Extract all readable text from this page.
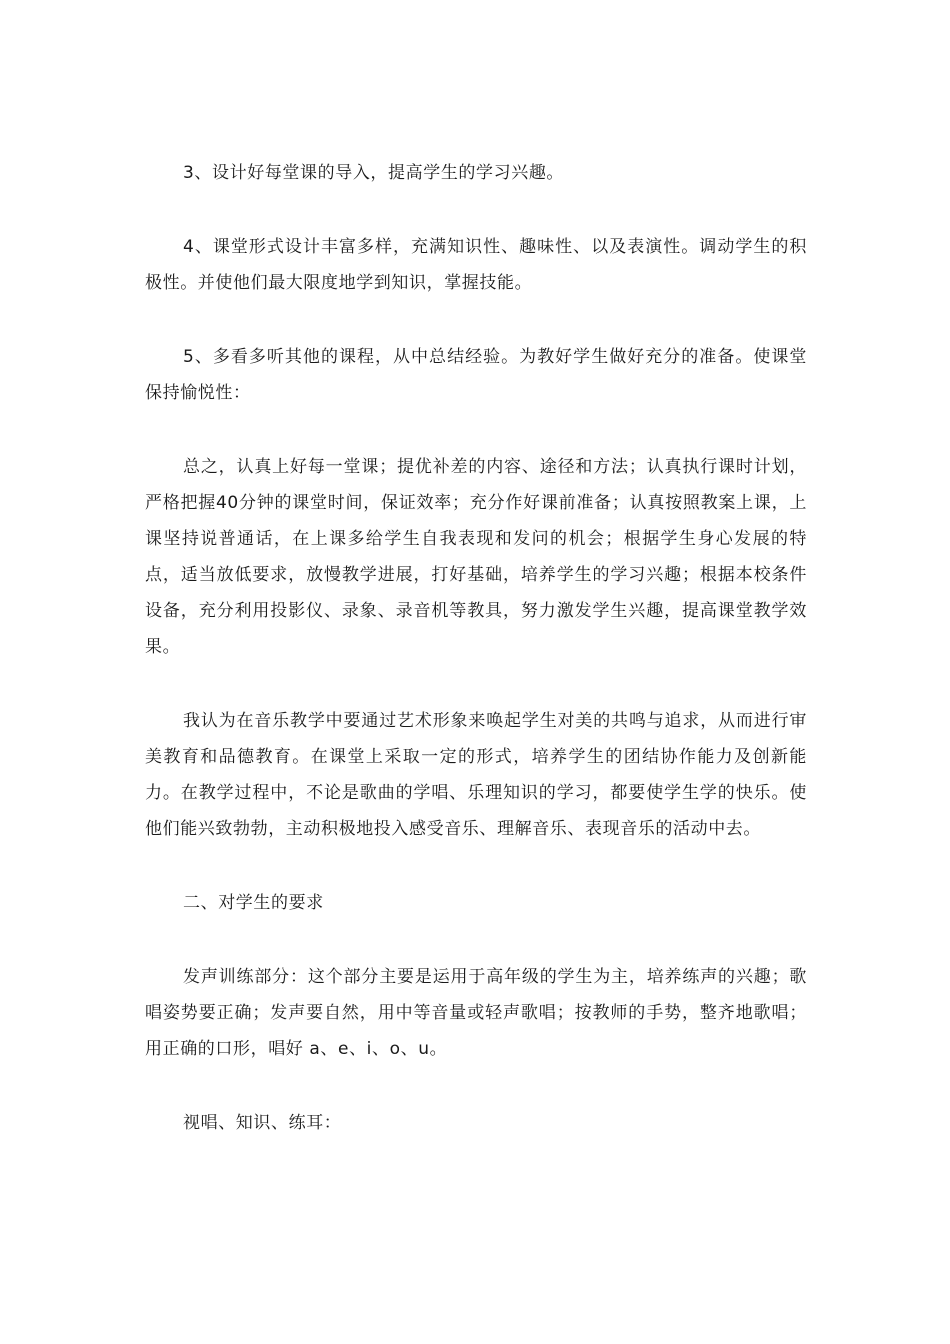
3、设计好每堂课的导入，提高学生的学习兴趣。

4、课堂形式设计丰富多样，充满知识性、趣味性、以及表演性。调动学生的积极性。并使他们最大限度地学到知识，掌握技能。

5、多看多听其他的课程，从中总结经验。为教好学生做好充分的准备。使课堂保持愉悦性：

总之，认真上好每一堂课；提优补差的内容、途径和方法；认真执行课时计划，严格把握40分钟的课堂时间，保证效率；充分作好课前准备；认真按照教案上课，上课坚持说普通话，在上课多给学生自我表现和发问的机会；根据学生身心发展的特点，适当放低要求，放慢教学进展，打好基础，培养学生的学习兴趣；根据本校条件设备，充分利用投影仪、录象、录音机等教具，努力激发学生兴趣，提高课堂教学效果。

我认为在音乐教学中要通过艺术形象来唤起学生对美的共鸣与追求，从而进行审美教育和品德教育。在课堂上采取一定的形式，培养学生的团结协作能力及创新能力。在教学过程中，不论是歌曲的学唱、乐理知识的学习，都要使学生学的快乐。使他们能兴致勃勃，主动积极地投入感受音乐、理解音乐、表现音乐的活动中去。

二、对学生的要求

发声训练部分：这个部分主要是运用于高年级的学生为主，培养练声的兴趣；歌唱姿势要正确；发声要自然，用中等音量或轻声歌唱；按教师的手势，整齐地歌唱；用正确的口形，唱好 a、e、i、o、u。

视唱、知识、练耳：
